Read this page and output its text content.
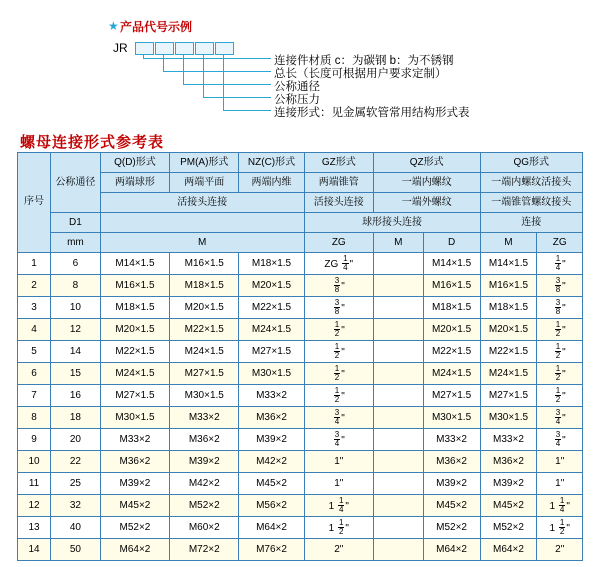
★ 产品代号示例
JR
连接件材质 c：为碳钢 b：为不锈钢
总长（长度可根据用户要求定制）
公称通径
公称压力
连接形式：见金属软管常用结构形式表
螺母连接形式参考表
序号	公称通径	Q(D)形式	PM(A)形式	NZ(C)形式	GZ形式	QZ形式		QG形式	
		两端球形	两端平面	两端内维	两端锥管	一端内螺纹		一端内螺纹活接头	
		活接头连接			活接头连接	一端外螺纹		一端锥管螺纹接头	
	D1				球形接头连接			连接	
	mm	M			ZG	M	D	M	ZG
1	6	M14×1.5	M16×1.5	M18×1.5	ZG $\frac{1}{4}$ "		M14×1.5	M14×1.5	$\frac{1}{4}$ "
2	8	M16×1.5	M18×1.5	M20×1.5	$\frac{3}{8}$ "		M16×1.5	M16×1.5	$\frac{3}{8}$ "
3	10	M18×1.5	M20×1.5	M22×1.5	$\frac{3}{8}$ "		M18×1.5	M18×1.5	$\frac{3}{8}$ "
4	12	M20×1.5	M22×1.5	M24×1.5	$\frac{1}{2}$ "		M20×1.5	M20×1.5	$\frac{1}{2}$ "
5	14	M22×1.5	M24×1.5	M27×1.5	$\frac{1}{2}$ "		M22×1.5	M22×1.5	$\frac{1}{2}$ "
6	15	M24×1.5	M27×1.5	M30×1.5	$\frac{1}{2}$ "		M24×1.5	M24×1.5	$\frac{1}{2}$ "
7	16	M27×1.5	M30×1.5	M33×2	$\frac{1}{2}$ "		M27×1.5	M27×1.5	$\frac{1}{2}$ "
8	18	M30×1.5	M33×2	M36×2	$\frac{3}{4}$ "		M30×1.5	M30×1.5	$\frac{3}{4}$ "
9	20	M33×2	M36×2	M39×2	$\frac{3}{4}$ "		M33×2	M33×2	$\frac{3}{4}$ "
10	22	M36×2	M39×2	M42×2	1"		M36×2	M36×2	1"
11	25	M39×2	M42×2	M45×2	1"		M39×2	M39×2	1"
12	32	M45×2	M52×2	M56×2	$1 \frac{1}{4}$ "		M45×2	M45×2	$1 \frac{1}{4}$ "
13	40	M52×2	M60×2	M64×2	$1 \frac{1}{2}$ "		M52×2	M52×2	$1 \frac{1}{2}$ "
14	50	M64×2	M72×2	M76×2	2"		M64×2	M64×2	2"
